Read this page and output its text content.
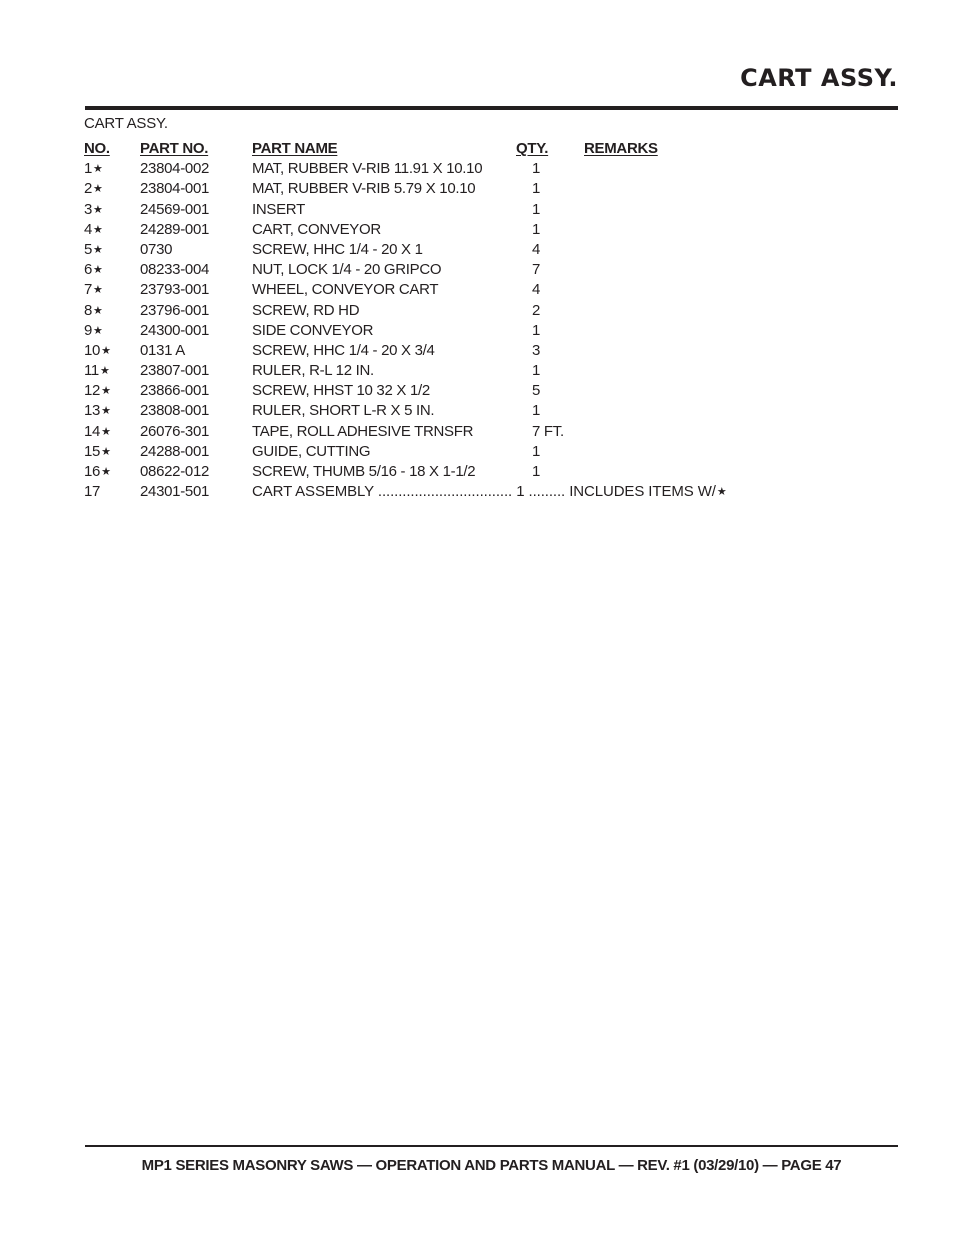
CART ASSY.
CART ASSY.
NO. PART NO.	PART NAME	QTY. REMARKS
1★ 23804-002	MAT, RUBBER V-RIB 11.91 X 10.10	1
2★ 23804-001	MAT, RUBBER V-RIB 5.79 X 10.10	1
3★ 24569-001	INSERT	1
4★ 24289-001	CART, CONVEYOR	1
5★ 0730	SCREW, HHC 1/4 - 20 X 1	4
6★ 08233-004	NUT, LOCK 1/4 - 20 GRIPCO	7
7★ 23793-001	WHEEL, CONVEYOR CART	4
8★ 23796-001	SCREW, RD HD	2
9★ 24300-001	SIDE CONVEYOR	1
10★ 0131 A	SCREW, HHC 1/4 - 20 X 3/4	3
11★ 23807-001	RULER, R-L 12 IN.	1
12★ 23866-001	SCREW, HHST 10 32 X 1/2	5
13★ 23808-001	RULER, SHORT L-R X 5 IN.	1
14★ 26076-301	TAPE, ROLL ADHESIVE TRNSFR	7 FT.
15★ 24288-001	GUIDE, CUTTING	1
16★ 08622-012	SCREW, THUMB 5/16 - 18 X 1-1/2	1
17	24301-501	CART ASSEMBLY ................................. 1 ......... INCLUDES ITEMS W/★
MP1 SERIES MASONRY SAWS — OPERATION AND PARTS MANUAL — REV. #1 (03/29/10) — PAGE 47
